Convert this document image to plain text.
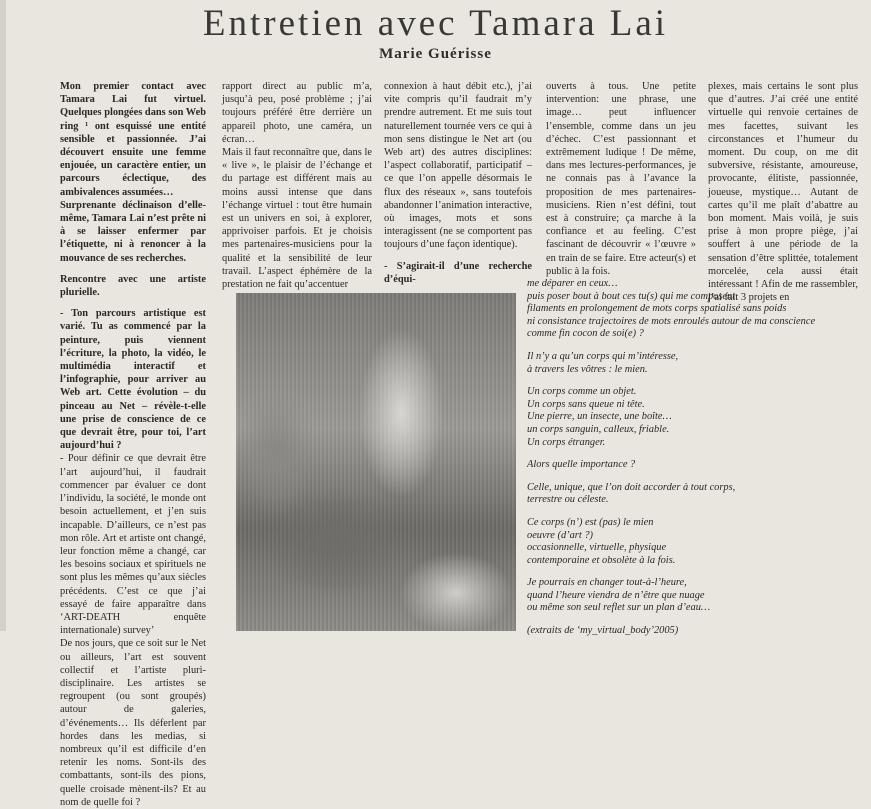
Entretien avec Tamara Lai
Marie Guérisse

Mon premier contact avec Tamara Lai fut virtuel. Quelques plongées dans son Web ring ¹ ont esquissé une entité sensible et passionnée. J’ai découvert ensuite une femme enjouée, un caractère entier, un parcours éclectique, des ambivalences assumées…

Surprenante déclinaison d’elle-même, Tamara Lai n’est prête ni à se laisser enfermer par l’étiquette, ni à renoncer à la mouvance de ses recherches.

Rencontre avec une artiste plurielle.

- Ton parcours artistique est varié. Tu as commencé par la peinture, puis viennent l’écriture, la photo, la vidéo, le multimédia interactif et l’infographie, pour arriver au Web art. Cette évolution – du pinceau au Net – révèle-t-elle une prise de conscience de ce que devrait être, pour toi, l’art aujourd’hui ?

- Pour définir ce que devrait être l’art aujourd’hui, il faudrait commencer par évaluer ce dont l’individu, la société, le monde ont besoin actuellement, et j’en suis incapable. D’ailleurs, ce n’est pas mon rôle. Art et artiste ont changé, leur fonction même a changé, car les besoins sociaux et spirituels ne sont plus les mêmes qu’aux siècles précédents. C’est ce que j’ai essayé de faire apparaître dans ‘ART-DEATH enquête internationale) survey’

De nos jours, que ce soit sur le Net ou ailleurs, l’art est souvent collectif et l’artiste pluri-disciplinaire. Les artistes se regroupent (ou sont groupés) autour de galeries, d’événements… Ils déferlent par hordes dans les medias, si nombreux qu’il est difficile d’en retenir les noms. Sont-ils des combattants, sont-ils des pions, quelle croisade mènent-ils? Et au nom de quelle foi ?

rapport direct au public m’a, jusqu’à peu, posé problème ; j’ai toujours préféré être derrière un appareil photo, une caméra, un écran…

Mais il faut reconnaître que, dans le « live », le plaisir de l’échange et du partage est différent mais au moins aussi intense que dans l’échange virtuel : tout être humain est un univers en soi, à explorer, apprivoiser parfois. Et je choisis mes partenaires-musiciens pour la qualité et la sensibilité de leur travail. L’aspect éphémère de la prestation ne fait qu’accentuer

connexion à haut débit etc.), j’ai vite compris qu’il faudrait m’y prendre autrement. Et me suis tout naturellement tournée vers ce qui à mon sens distingue le Net art (ou Web art) des autres disciplines: l’aspect collaboratif, participatif – ce que l’on appelle désormais le flux des réseaux », sans toutefois abandonner l’animation interactive, où images, mots et sons interagissent (ne se comportent pas toujours d’une façon identique).

- S’agirait-il d’une recherche d’équi-

ouverts à tous. Une petite intervention: une phrase, une image… peut influencer l’ensemble, comme dans un jeu d’échec. C’est passionnant et extrêmement ludique ! De même, dans mes lectures-performances, je ne connais pas à l’avance la proposition de mes partenaires-musiciens. Rien n’est défini, tout est à construire; ça marche à la confiance et au feeling. C’est fascinant de découvrir « l’œuvre » en train de se faire. Etre acteur(s) et public à la fois.

plexes, mais certains le sont plus que d’autres. J’ai créé une entité virtuelle qui renvoie certaines de mes facettes, suivant les circonstances et l’humeur du moment. Du coup, on me dit subversive, résistante, amoureuse, provocante, élitiste, passionnée, joueuse, mystique… Autant de cartes qu’il me plaît d’abattre au bon moment. Mais voilà, je suis prise à mon propre piège, j’ai souffert à une période de la sensation d’être splittée, totalement morcelée, cela aussi était intéressant ! Afin de me rassembler, j’ai fait 3 projets en

me déparer en ceux…

puis poser bout à bout ces tu(s) qui me composent

filaments en prolongement de mots corps spatialisé sans poids

ni consistance trajectoires de mots enroulés autour de ma conscience

comme fin cocon de soi(e) ?

Il n’y a qu’un corps qui m’intéresse,

à travers les vôtres : le mien.

Un corps comme un objet.

Un corps sans queue ni tête.

Une pierre, un insecte, une boîte…

un corps sanguin, calleux, friable.

Un corps étranger.

Alors quelle importance ?

Celle, unique, que l’on doit accorder à tout corps,

terrestre ou céleste.

Ce corps (n’) est (pas) le mien

oeuvre (d’art ?)

occasionnelle, virtuelle, physique

contemporaine et obsolète à la fois.

Je pourrais en changer tout-à-l’heure,

quand l’heure viendra de n’être que nuage

ou même son seul reflet sur un plan d’eau…

(extraits de ‘my_virtual_body’2005)
